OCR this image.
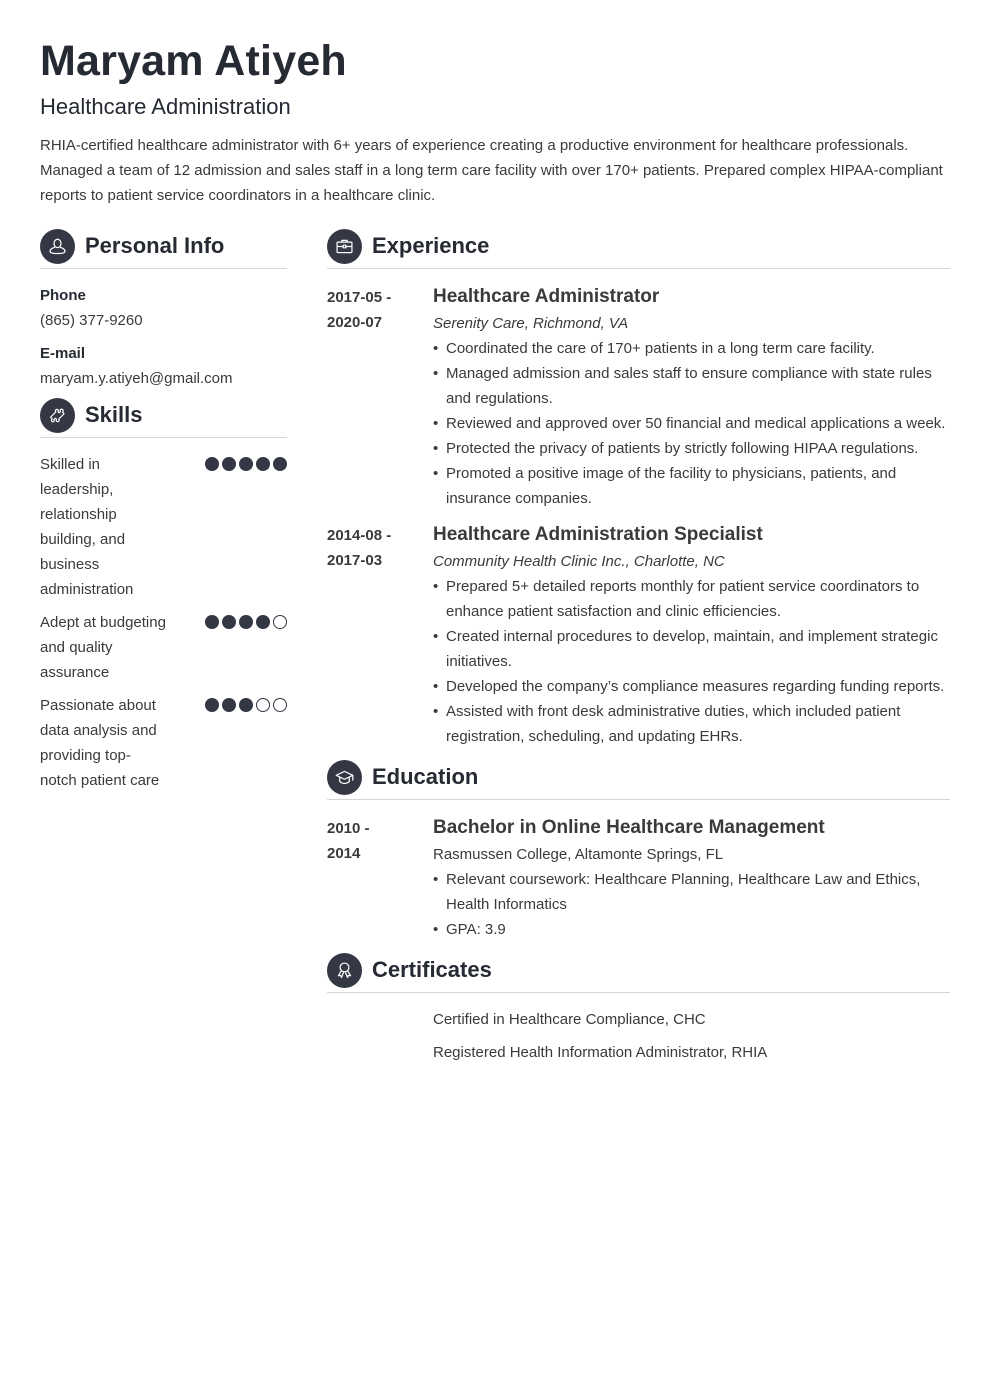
Maryam Atiyeh
Healthcare Administration
RHIA-certified healthcare administrator with 6+ years of experience creating a productive environment for healthcare professionals. Managed a team of 12 admission and sales staff in a long term care facility with over 170+ patients. Prepared complex HIPAA-compliant reports to patient service coordinators in a healthcare clinic.
Personal Info
Phone
(865) 377-9260
E-mail
maryam.y.atiyeh@gmail.com
Skills
Skilled in leadership, relationship building, and business administration
Adept at budgeting and quality assurance
Passionate about data analysis and providing top-notch patient care
Experience
2017-05 -
2020-07
Healthcare Administrator
Serenity Care, Richmond, VA
• Coordinated the care of 170+ patients in a long term care facility.
• Managed admission and sales staff to ensure compliance with state rules and regulations.
• Reviewed and approved over 50 financial and medical applications a week.
• Protected the privacy of patients by strictly following HIPAA regulations.
• Promoted a positive image of the facility to physicians, patients, and insurance companies.
2014-08 -
2017-03
Healthcare Administration Specialist
Community Health Clinic Inc., Charlotte, NC
• Prepared 5+ detailed reports monthly for patient service coordinators to enhance patient satisfaction and clinic efficiencies.
• Created internal procedures to develop, maintain, and implement strategic initiatives.
• Developed the company’s compliance measures regarding funding reports.
• Assisted with front desk administrative duties, which included patient registration, scheduling, and updating EHRs.
Education
2010 -
2014
Bachelor in Online Healthcare Management
Rasmussen College, Altamonte Springs, FL
• Relevant coursework: Healthcare Planning, Healthcare Law and Ethics, Health Informatics
• GPA: 3.9
Certificates
Certified in Healthcare Compliance, CHC
Registered Health Information Administrator, RHIA
